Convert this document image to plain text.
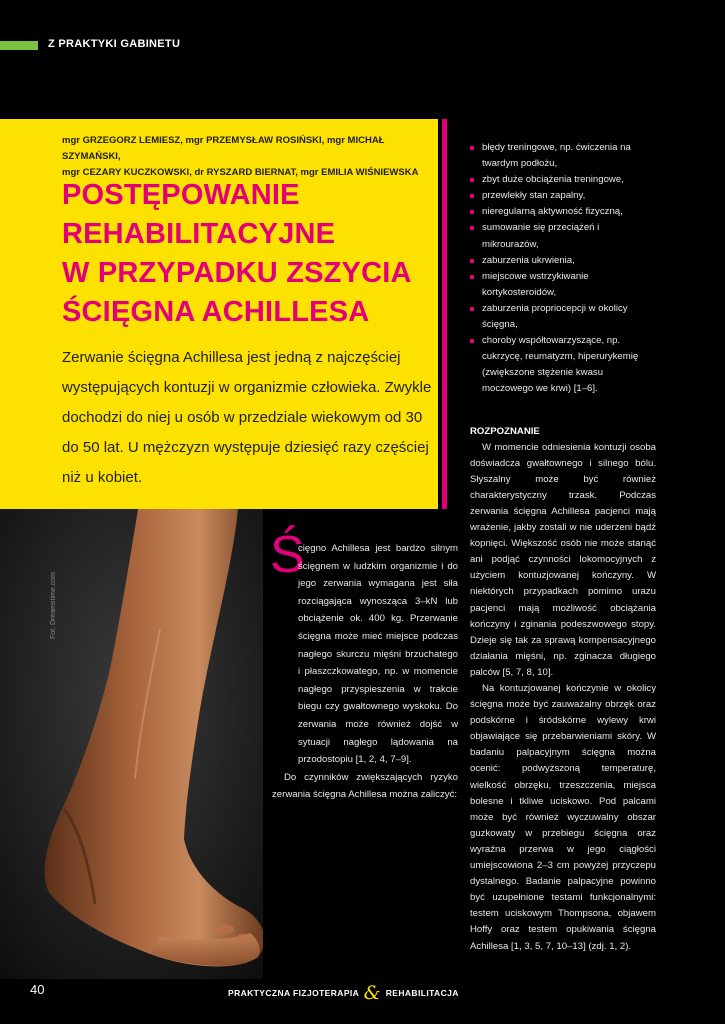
Z PRAKTYKI GABINETU
mgr GRZEGORZ LEMIESZ, mgr PRZEMYSŁAW ROSIŃSKI, mgr MICHAŁ SZYMAŃSKI,
mgr CEZARY KUCZKOWSKI, dr RYSZARD BIERNAT, mgr EMILIA WIŚNIEWSKA
POSTĘPOWANIE
REHABILITACYJNE
W PRZYPADKU ZSZYCIA
ŚCIĘGNA ACHILLESA

Zerwanie ścięgna Achillesa jest jedną z najczęściej występujących kontuzji w organizmie człowieka. Zwykle dochodzi do niej u osób w przedziale wiekowym od 30 do 50 lat. U mężczyzn występuje dziesięć razy częściej niż u kobiet.

Fot. Dreamstime.com
Ś

cięgno Achillesa jest bardzo silnym ścięgnem w ludzkim organizmie i do jego zerwania wymagana jest siła rozciągająca wynosząca 3–kN lub obciążenie ok. 400 kg. Przerwanie ścięgna może mieć miejsce podczas nagłego skurczu mięśni brzuchatego i płaszczkowatego, np. w momencie nagłego przyspieszenia w trakcie biegu czy gwałtownego wyskoku. Do zerwania może również dojść w sytuacji nagłego lądowania na przodostopiu [1, 2, 4, 7–9].

Do czynników zwiększających ryzyko zerwania ścięgna Achillesa można zaliczyć:

błędy treningowe, np. ćwiczenia na twardym podłożu,
zbyt duże obciążenia treningowe,
przewlekły stan zapalny,
nieregularną aktywność fizyczną,
sumowanie się przeciążeń i mikrourazów,
zaburzenia ukrwienia,
miejscowe wstrzykiwanie kortykosteroidów,
zaburzenia propriocepcji w okolicy ścięgna,
choroby współtowarzyszące, np. cukrzycę, reumatyzm, hiperurykemię (zwiększone stężenie kwasu moczowego we krwi) [1–6].
ROZPOZNANIE

W momencie odniesienia kontuzji osoba doświadcza gwałtownego i silnego bólu. Słyszalny może być również charakterystyczny trzask. Podczas zerwania ścięgna Achillesa pacjenci mają wrażenie, jakby zostali w nie uderzeni bądź kopnięci. Większość osób nie może stanąć ani podjąć czynności lokomocyjnych z użyciem kontuzjowanej kończyny. W niektórych przypadkach pomimo urazu pacjenci mają możliwość obciążania kończyny i zginania podeszwowego stopy. Dzieje się tak za sprawą kompensacyjnego działania mięśni, np. zginacza długiego palców [5, 7, 8, 10].

Na kontuzjowanej kończynie w okolicy ścięgna może być zauważalny obrzęk oraz podskórne i śródskórne wylewy krwi objawiające się przebarwieniami skóry. W badaniu palpacyjnym ścięgna można ocenić: podwyższoną temperaturę, wielkość obrzęku, trzeszczenia, miejsca bolesne i tkliwe uciskowo. Pod palcami może być również wyczuwalny obszar guzkowaty w przebiegu ścięgna oraz wyraźna przerwa w jego ciągłości umiejscowiona 2–3 cm powyżej przyczepu dystalnego. Badanie palpacyjne powinno być uzupełnione testami funkcjonalnymi: testem uciskowym Thompsona, objawem Hoffy oraz testem opukiwania ścięgna Achillesa [1, 3, 5, 7, 10–13] (zdj. 1, 2).

40	PRAKTYCZNA FIZJOTERAPIA & REHABILITACJA
